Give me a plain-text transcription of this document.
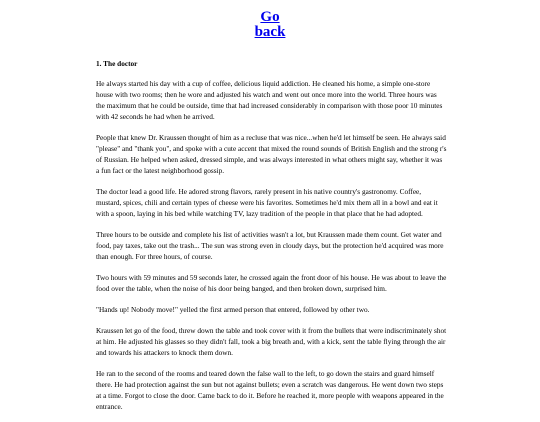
Go
back
1. The doctor

He always started his day with a cup of coffee, delicious liquid addiction. He cleaned his home, a simple one-store house with two rooms; then he wore and adjusted his watch and went out once more into the world. Three hours was the maximum that he could be outside, time that had increased considerably in comparison with those poor 10 minutes with 42 seconds he had when he arrived.

People that knew Dr. Kraussen thought of him as a recluse that was nice...when he'd let himself be seen. He always said "please" and "thank you", and spoke with a cute accent that mixed the round sounds of British English and the strong r's of Russian. He helped when asked, dressed simple, and was always interested in what others might say, whether it was a fun fact or the latest neighborhood gossip.

The doctor lead a good life. He adored strong flavors, rarely present in his native country's gastronomy. Coffee, mustard, spices, chili and certain types of cheese were his favorites. Sometimes he'd mix them all in a bowl and eat it with a spoon, laying in his bed while watching TV, lazy tradition of the people in that place that he had adopted.

Three hours to be outside and complete his list of activities wasn't a lot, but Kraussen made them count. Get water and food, pay taxes, take out the trash... The sun was strong even in cloudy days, but the protection he'd acquired was more than enough. For three hours, of course.

Two hours with 59 minutes and 59 seconds later, he crossed again the front door of his house. He was about to leave the food over the table, when the noise of his door being banged, and then broken down, surprised him.

"Hands up! Nobody move!" yelled the first armed person that entered, followed by other two.

Kraussen let go of the food, threw down the table and took cover with it from the bullets that were indiscriminately shot at him. He adjusted his glasses so they didn't fall, took a big breath and, with a kick, sent the table flying through the air and towards his attackers to knock them down.

He ran to the second of the rooms and teared down the false wall to the left, to go down the stairs and guard himself there. He had protection against the sun but not against bullets; even a scratch was dangerous. He went down two steps at a time. Forgot to close the door. Came back to do it. Before he reached it, more people with weapons appeared in the entrance.
